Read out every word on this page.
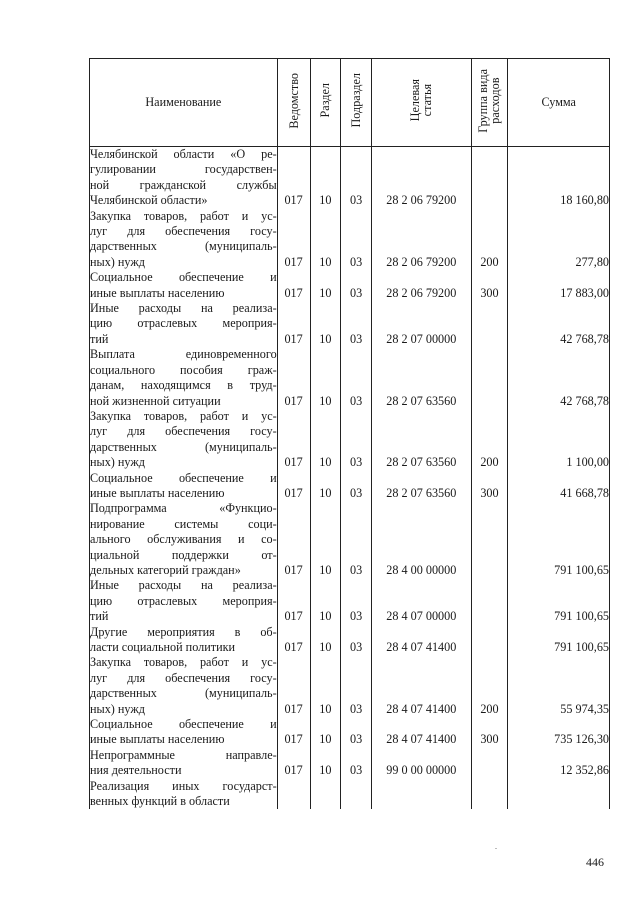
Наименование	Ведомство	Раздел	Подраздел	Целевая
статья	Группа вида
расходов	Сумма

Челябинской области «О ре-
гулировании государствен-
ной гражданской службы
Челябинской области»	017	10	03	28 2 06 79200		18 160,80

Закупка товаров, работ и ус-
луг для обеспечения госу-
дарственных (муниципаль-
ных) нужд	017	10	03	28 2 06 79200	200	277,80

Социальное обеспечение и
иные выплаты населению	017	10	03	28 2 06 79200	300	17 883,00

Иные расходы на реализа-
цию отраслевых мероприя-
тий	017	10	03	28 2 07 00000		42 768,78

Выплата единовременного
социального пособия граж-
данам, находящимся в труд-
ной жизненной ситуации	017	10	03	28 2 07 63560		42 768,78

Закупка товаров, работ и ус-
луг для обеспечения госу-
дарственных (муниципаль-
ных) нужд	017	10	03	28 2 07 63560	200	1 100,00

Социальное обеспечение и
иные выплаты населению	017	10	03	28 2 07 63560	300	41 668,78

Подпрограмма «Функцио-
нирование системы соци-
ального обслуживания и со-
циальной поддержки от-
дельных категорий граждан»	017	10	03	28 4 00 00000		791 100,65

Иные расходы на реализа-
цию отраслевых мероприя-
тий	017	10	03	28 4 07 00000		791 100,65

Другие мероприятия в об-
ласти социальной политики	017	10	03	28 4 07 41400		791 100,65

Закупка товаров, работ и ус-
луг для обеспечения госу-
дарственных (муниципаль-
ных) нужд	017	10	03	28 4 07 41400	200	55 974,35

Социальное обеспечение и
иные выплаты населению	017	10	03	28 4 07 41400	300	735 126,30

Непрограммные направле-
ния деятельности	017	10	03	99 0 00 00000		12 352,86

Реализация иных государст-
венных функций в области						

446
